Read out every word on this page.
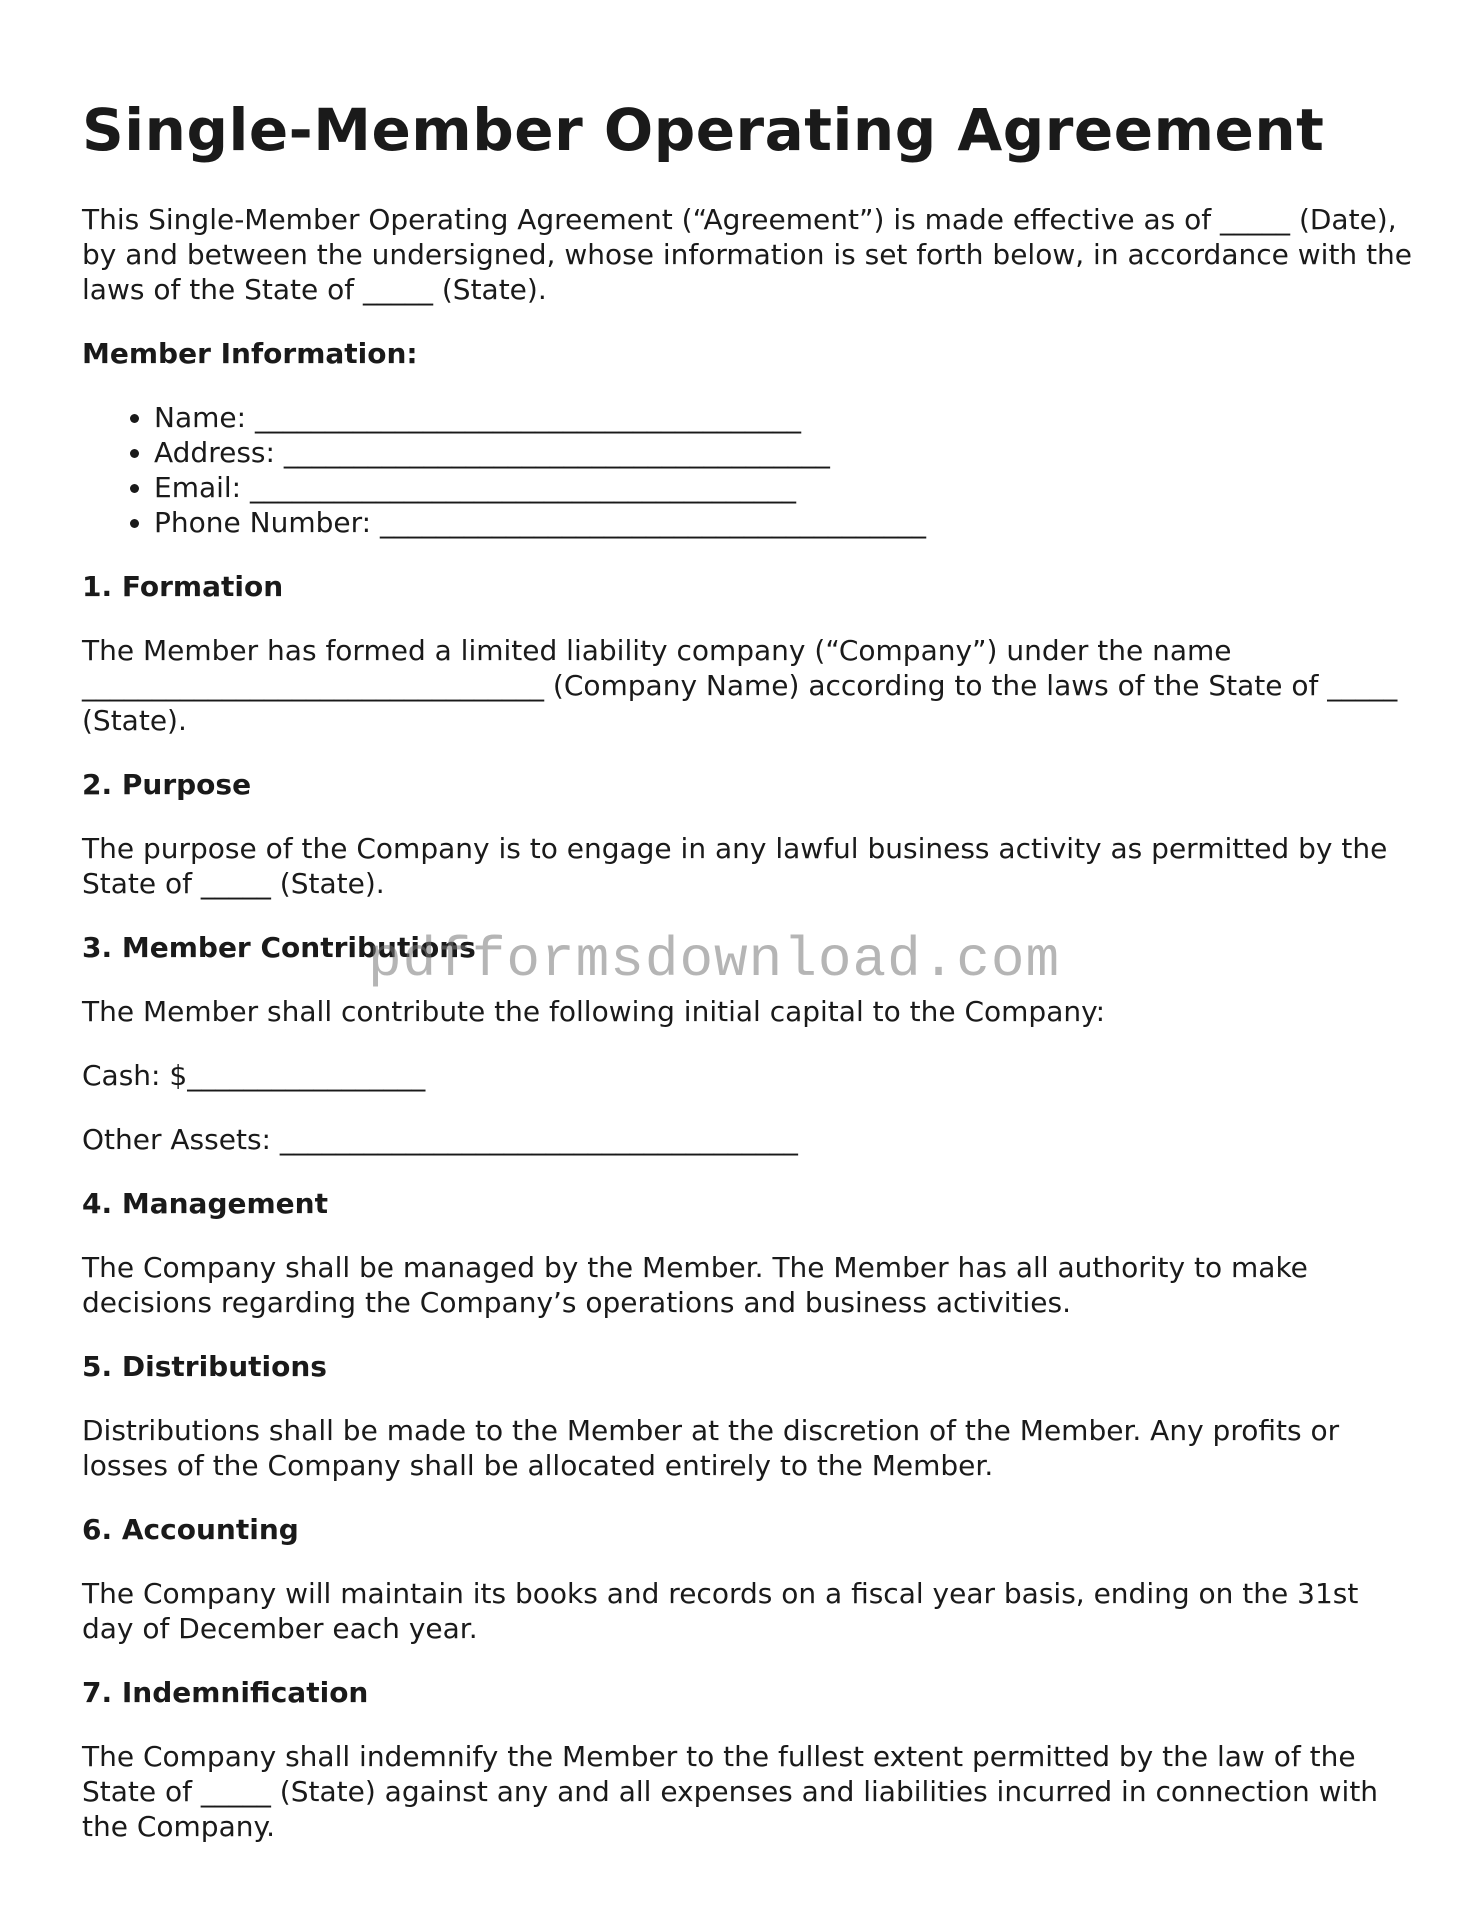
Single-Member Operating Agreement

This Single-Member Operating Agreement (“Agreement”) is made effective as of _____ (Date), by and between the undersigned, whose information is set forth below, in accordance with the laws of the State of _____ (State).

Member Information:
• Name: _______________________________________
• Address: _______________________________________
• Email: _______________________________________
• Phone Number: _______________________________________
1. Formation

The Member has formed a limited liability company (“Company”) under the name _________________________________ (Company Name) according to the laws of the State of _____ (State).

2. Purpose

The purpose of the Company is to engage in any lawful business activity as permitted by the State of _____ (State).

3. Member Contributions

The Member shall contribute the following initial capital to the Company:

Cash: $_________________

Other Assets: _____________________________________

4. Management

The Company shall be managed by the Member. The Member has all authority to make decisions regarding the Company’s operations and business activities.

5. Distributions

Distributions shall be made to the Member at the discretion of the Member. Any profits or losses of the Company shall be allocated entirely to the Member.

6. Accounting

The Company will maintain its books and records on a fiscal year basis, ending on the 31st day of December each year.

7. Indemnification

The Company shall indemnify the Member to the fullest extent permitted by the law of the State of _____ (State) against any and all expenses and liabilities incurred in connection with the Company.

pdfformsdownload.com
